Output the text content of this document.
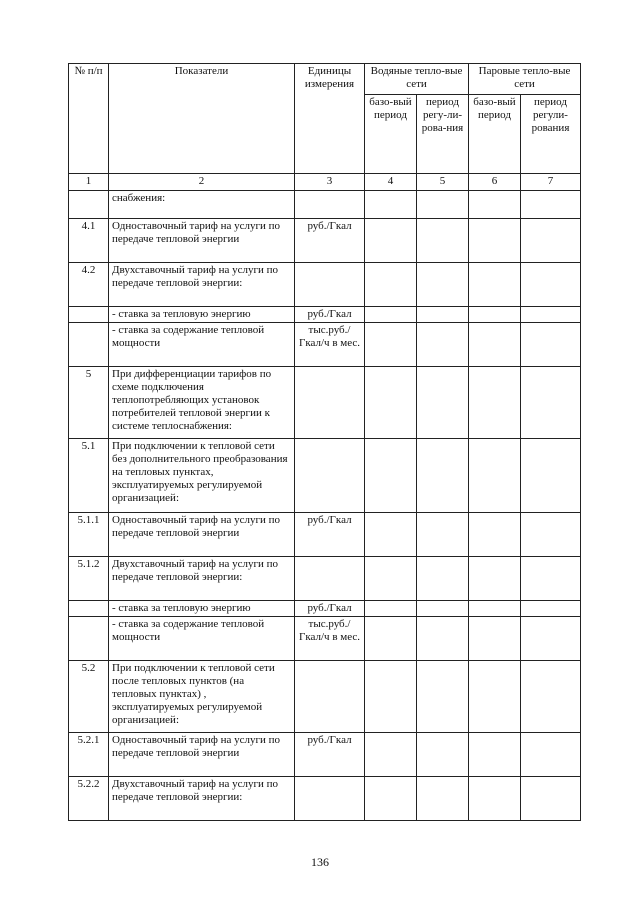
№ п/п	Показатели	Единицы измерения	Водяные тепло-вые сети		Паровые тепло-вые сети	
			базо-вый период	период регу-ли-рова-ния	базо-вый период	период регули-рования
1	2	3	4	5	6	7
	снабжения:					
4.1	Одноставочный тариф на услуги по передаче тепловой энергии	руб./Гкал				
4.2	Двухставочный тариф на услуги по передаче тепловой энергии:					
	- ставка за тепловую энергию	руб./Гкал				
	- ставка за содержание тепловой мощности	тыс.руб./ Гкал/ч в мес.				
5	При дифференциации тарифов по схеме подключения теплопотребляющих установок потребителей тепловой энергии к системе теплоснабжения:					
5.1	При подключении к тепловой сети без дополнительного преобразования на тепловых пунктах, эксплуатируемых регулируемой организацией:					
5.1.1	Одноставочный тариф на услуги по передаче тепловой энергии	руб./Гкал				
5.1.2	Двухставочный тариф на услуги по передаче тепловой энергии:					
	- ставка за тепловую энергию	руб./Гкал				
	- ставка за содержание тепловой мощности	тыс.руб./ Гкал/ч в мес.				
5.2	При подключении к тепловой сети после тепловых пунктов (на тепловых пунктах) , эксплуатируемых регулируемой организацией:					
5.2.1	Одноставочный тариф на услуги по передаче тепловой энергии	руб./Гкал				
5.2.2	Двухставочный тариф на услуги по передаче тепловой энергии:					
136
